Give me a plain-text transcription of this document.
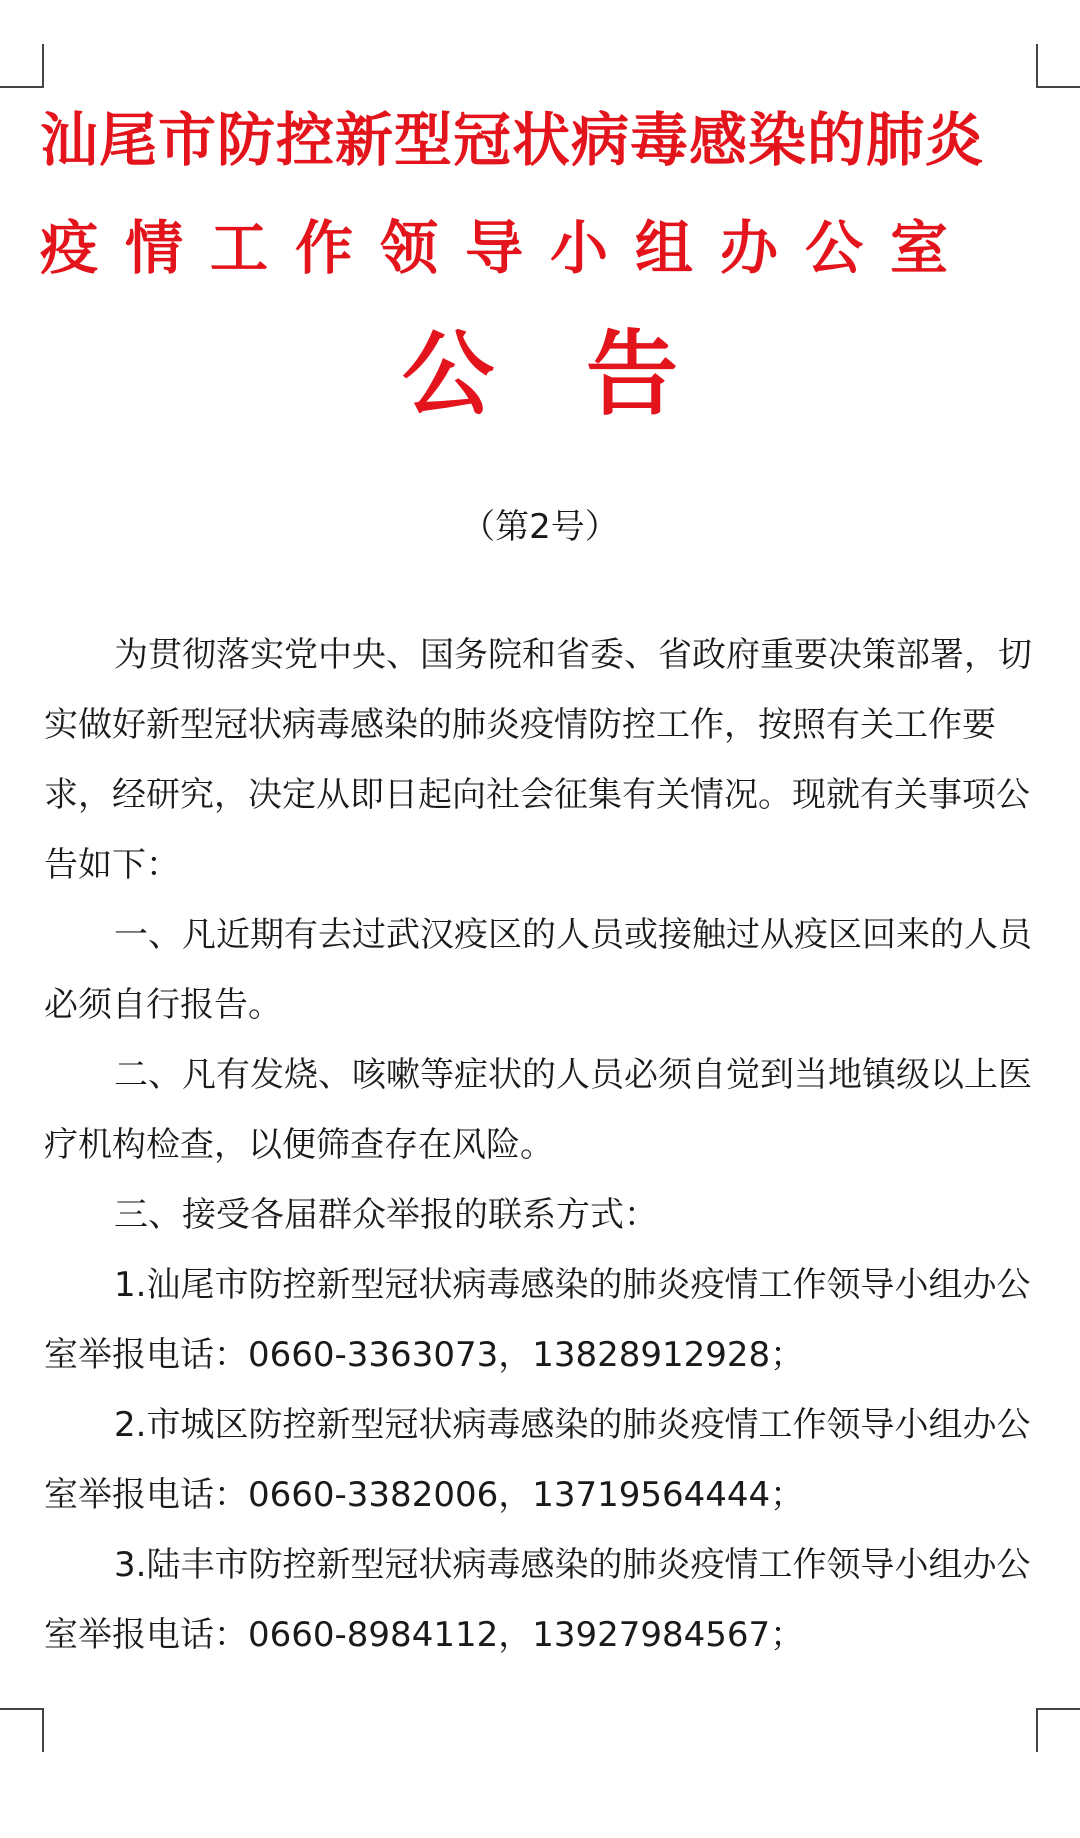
汕尾市防控新型冠状病毒感染的肺炎
疫情工作领导小组办公室
公告
（第2号）

为贯彻落实党中央、国务院和省委、省政府重要决策部署，切实做好新型冠状病毒感染的肺炎疫情防控工作，按照有关工作要求，经研究，决定从即日起向社会征集有关情况。现就有关事项公告如下：

一、凡近期有去过武汉疫区的人员或接触过从疫区回来的人员必须自行报告。

二、凡有发烧、咳嗽等症状的人员必须自觉到当地镇级以上医疗机构检查，以便筛查存在风险。

三、接受各届群众举报的联系方式：

1.汕尾市防控新型冠状病毒感染的肺炎疫情工作领导小组办公室举报电话：0660-3363073，13828912928；

2.市城区防控新型冠状病毒感染的肺炎疫情工作领导小组办公室举报电话：0660-3382006，13719564444；

3.陆丰市防控新型冠状病毒感染的肺炎疫情工作领导小组办公室举报电话：0660-8984112，13927984567；
